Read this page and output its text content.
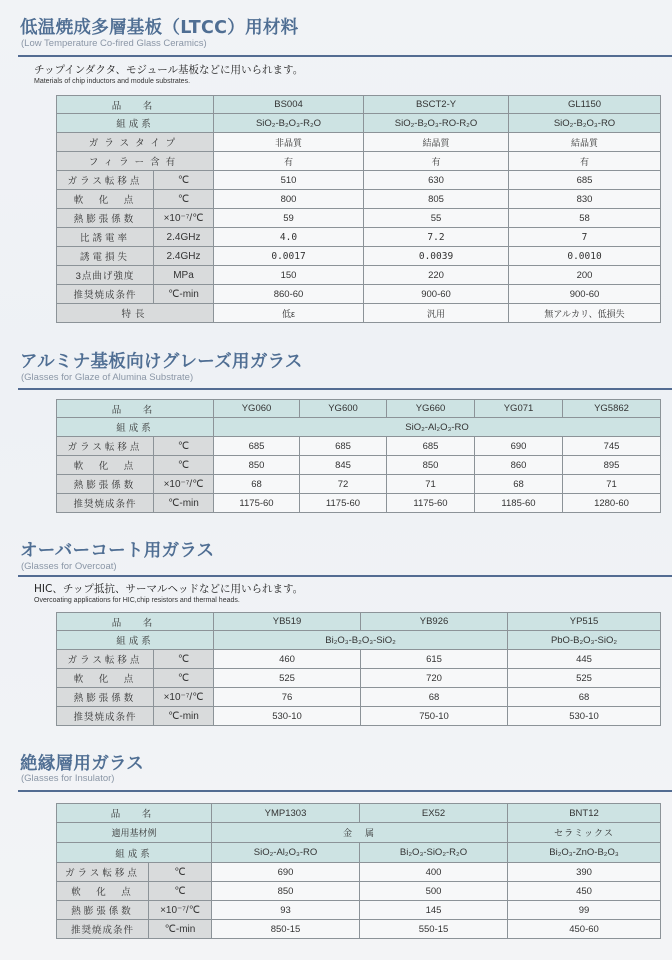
低温焼成多層基板（LTCC）用材料
(Low Temperature Co-fired Glass Ceramics)
チップインダクタ、モジュール基板などに用いられます。
Materials of chip inductors and module substrates.
品　名		BS004	BSCT2-Y	GL1150
組成系		SiO₂-B₂O₃-R₂O	SiO₂-B₂O₃-RO-R₂O	SiO₂-B₂O₃-RO
ガラスタイプ		非晶質	結晶質	結晶質
フィラー含有		有	有	有
ガラス転移点	℃	510	630	685
軟　化　点	℃	800	805	830
熱膨張係数	×10⁻⁷/℃	59	55	58
比誘電率	2.4GHz	4.0	7.2	7
誘電損失	2.4GHz	0.0017	0.0039	0.0010
3点曲げ強度	MPa	150	220	200
推奨焼成条件	℃-min	860-60	900-60	900-60
特長		低ε	汎用	無アルカリ、低損失
アルミナ基板向けグレーズ用ガラス
(Glasses for Glaze of Alumina Substrate)
品　名		YG060	YG600	YG660	YG071	YG5862
組成系		SiO₂-Al₂O₃-RO				
ガラス転移点	℃	685	685	685	690	745
軟　化　点	℃	850	845	850	860	895
熱膨張係数	×10⁻⁷/℃	68	72	71	68	71
推奨焼成条件	℃-min	1175-60	1175-60	1175-60	1185-60	1280-60
オーバーコート用ガラス
(Glasses for Overcoat)
HIC、チップ抵抗、サーマルヘッドなどに用いられます。
Overcoating applications for HIC,chip resistors and thermal heads.
品　名		YB519	YB926	YP515
組成系		Bi₂O₃-B₂O₃-SiO₂		PbO-B₂O₃-SiO₂
ガラス転移点	℃	460	615	445
軟　化　点	℃	525	720	525
熱膨張係数	×10⁻⁷/℃	76	68	68
推奨焼成条件	℃-min	530-10	750-10	530-10
絶縁層用ガラス
(Glasses for Insulator)
品　名		YMP1303	EX52	BNT12
適用基材例		金　属		セラミックス
組成系		SiO₂-Al₂O₃-RO	Bi₂O₃-SiO₂-R₂O	Bi₂O₃-ZnO-B₂O₃
ガラス転移点	℃	690	400	390
軟　化　点	℃	850	500	450
熱膨張係数	×10⁻⁷/℃	93	145	99
推奨焼成条件	℃-min	850-15	550-15	450-60
